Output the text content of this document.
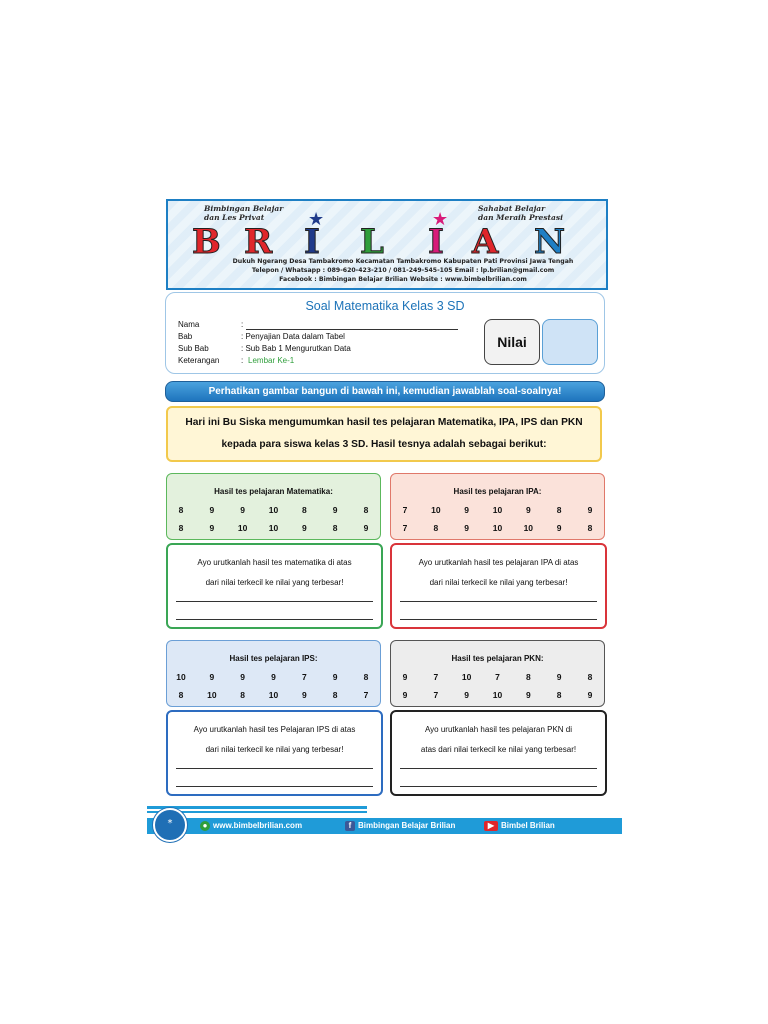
Bimbingan Belajar
dan Les Privat
Sahabat Belajar
dan Meraih Prestasi
B R I
★
L I
★
A N
Dukuh Ngerang Desa Tambakromo Kecamatan Tambakromo Kabupaten Pati Provinsi Jawa Tengah
Telepon / Whatsapp : 089-620-423-210 / 081-249-545-105 Email : lp.brilian@gmail.com
Facebook : Bimbingan Belajar Brilian Website : www.bimbelbrilian.com
Soal Matematika Kelas 3 SD
Nama	:
Bab	: Penyajian Data dalam Tabel
Sub Bab	: Sub Bab 1 Mengurutkan Data
Keterangan	: Lembar Ke-1
Nilai
Perhatikan gambar bangun di bawah ini, kemudian jawablah soal-soalnya!
Hari ini Bu Siska mengumumkan hasil tes pelajaran Matematika, IPA, IPS dan PKN
kepada para siswa kelas 3 SD. Hasil tesnya adalah sebagai berikut:
Hasil tes pelajaran Matematika:
8	9	9	10	8	9	8
8	9	10	10	9	8	9
Hasil tes pelajaran IPA:
7	10	9	10	9	8	9
7	8	9	10	10	9	8
Ayo urutkanlah hasil tes matematika di atas
dari nilai terkecil ke nilai yang terbesar!
Ayo urutkanlah hasil tes pelajaran IPA di atas
dari nilai terkecil ke nilai yang terbesar!
Hasil tes pelajaran IPS:
10	9	9	9	7	9	8
8	10	8	10	9	8	7
Hasil tes pelajaran PKN:
9	7	10	7	8	9	8
9	7	9	10	9	8	9
Ayo urutkanlah hasil tes Pelajaran IPS di atas
dari nilai terkecil ke nilai yang terbesar!
Ayo urutkanlah hasil tes pelajaran PKN di
atas dari nilai terkecil ke nilai yang terbesar!
*	● www.bimbelbrilian.com	f Bimbingan Belajar Brilian	▶ Bimbel Brilian
